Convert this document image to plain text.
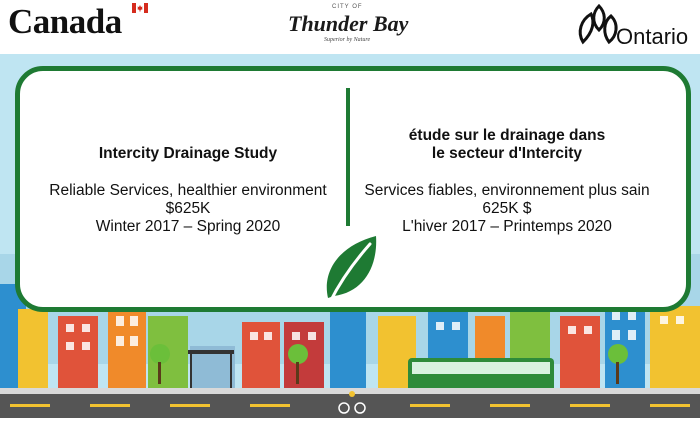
Canada	CITY OF
Thunder Bay
Superior by Nature	Ontario
Intercity Drainage Study
Reliable Services, healthier environment
$625K
Winter 2017 – Spring 2020
étude sur le drainage dans
le secteur d'Intercity
Services fiables, environnement plus sain
625K $
L'hiver 2017 – Printemps 2020
